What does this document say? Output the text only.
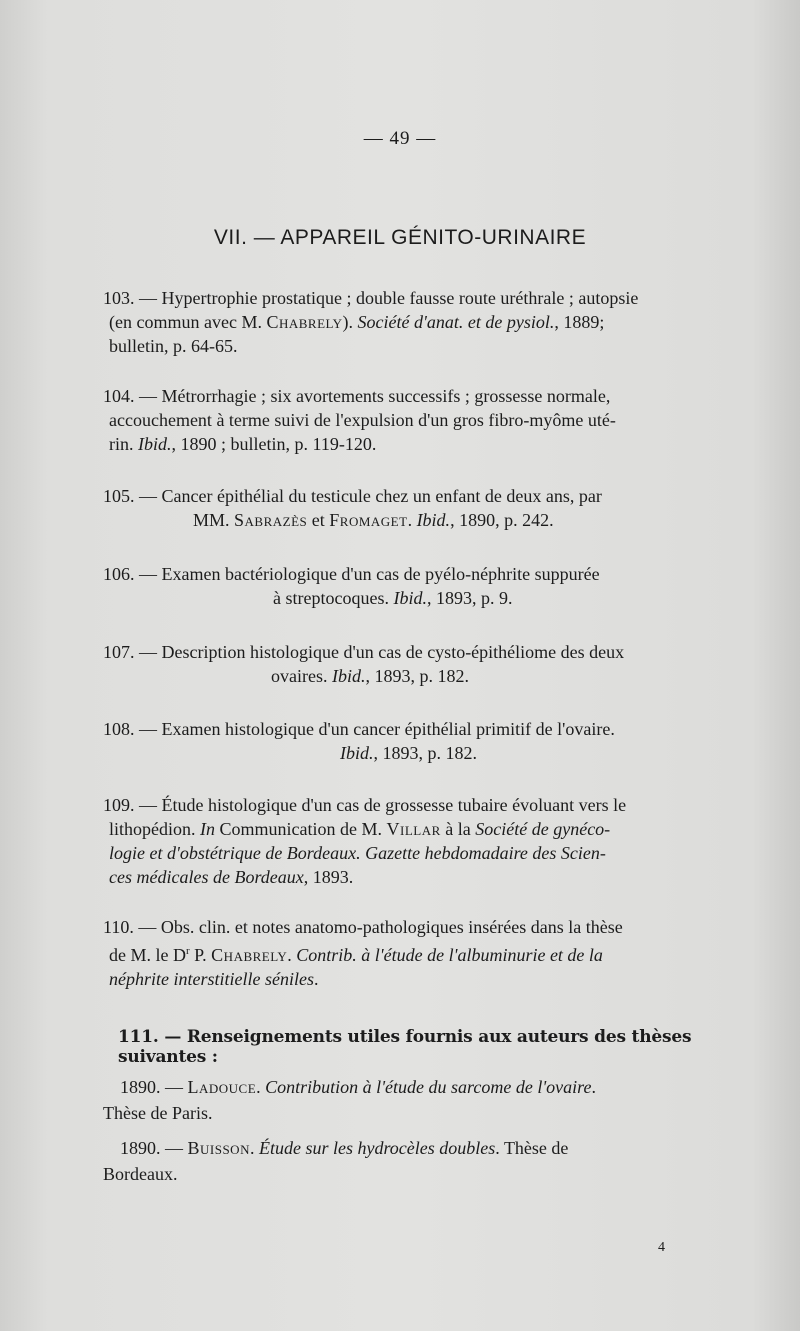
— 49 —
VII. — APPAREIL GÉNITO-URINAIRE
103. — Hypertrophie prostatique ; double fausse route uréthrale ; autopsie
(en commun avec M. Chabrely). Société d'anat. et de pysiol., 1889;
bulletin, p. 64-65.
104. — Métrorrhagie ; six avortements successifs ; grossesse normale,
accouchement à terme suivi de l'expulsion d'un gros fibro-myôme uté-
rin. Ibid., 1890 ; bulletin, p. 119-120.
105. — Cancer épithélial du testicule chez un enfant de deux ans, par
MM. Sabrazès et Fromaget. Ibid., 1890, p. 242.
106. — Examen bactériologique d'un cas de pyélo-néphrite suppurée
à streptocoques. Ibid., 1893, p. 9.
107. — Description histologique d'un cas de cysto-épithéliome des deux
ovaires. Ibid., 1893, p. 182.
108. — Examen histologique d'un cancer épithélial primitif de l'ovaire.
Ibid., 1893, p. 182.
109. — Étude histologique d'un cas de grossesse tubaire évoluant vers le
lithopédion. In Communication de M. Villar à la Société de gynéco-
logie et d'obstétrique de Bordeaux. Gazette hebdomadaire des Scien-
ces médicales de Bordeaux, 1893.
110. — Obs. clin. et notes anatomo-pathologiques insérées dans la thèse
de M. le $D^r$ P. Chabrely. Contrib. à l'étude de l'albuminurie et de la
néphrite interstitielle séniles.
111. — Renseignements utiles fournis aux auteurs des thèses suivantes :
1890. — Ladouce. Contribution à l'étude du sarcome de l'ovaire.
Thèse de Paris.
1890. — Buisson. Étude sur les hydrocèles doubles. Thèse de
Bordeaux.
4
